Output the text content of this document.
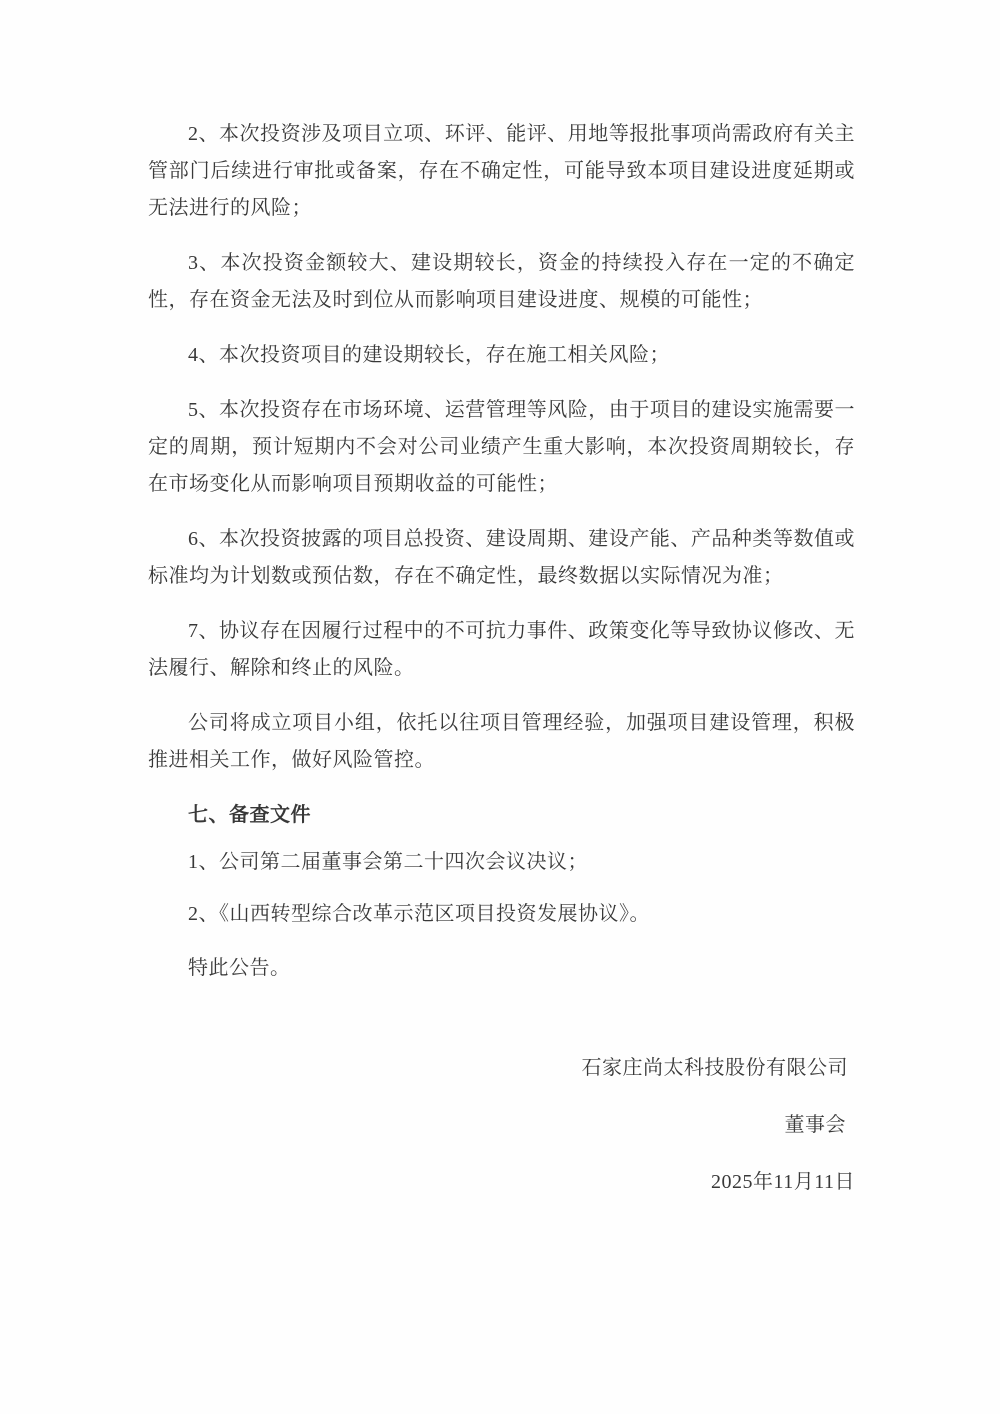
2、本次投资涉及项目立项、环评、能评、用地等报批事项尚需政府有关主管部门后续进行审批或备案，存在不确定性，可能导致本项目建设进度延期或无法进行的风险；

3、本次投资金额较大、建设期较长，资金的持续投入存在一定的不确定性，存在资金无法及时到位从而影响项目建设进度、规模的可能性；

4、本次投资项目的建设期较长，存在施工相关风险；

5、本次投资存在市场环境、运营管理等风险，由于项目的建设实施需要一定的周期，预计短期内不会对公司业绩产生重大影响，本次投资周期较长，存在市场变化从而影响项目预期收益的可能性；

6、本次投资披露的项目总投资、建设周期、建设产能、产品种类等数值或标准均为计划数或预估数，存在不确定性，最终数据以实际情况为准；

7、协议存在因履行过程中的不可抗力事件、政策变化等导致协议修改、无法履行、解除和终止的风险。

公司将成立项目小组，依托以往项目管理经验，加强项目建设管理，积极推进相关工作，做好风险管控。

七、备查文件

1、公司第二届董事会第二十四次会议决议；

2、《山西转型综合改革示范区项目投资发展协议》。

特此公告。

石家庄尚太科技股份有限公司

董事会

2025年11月11日
